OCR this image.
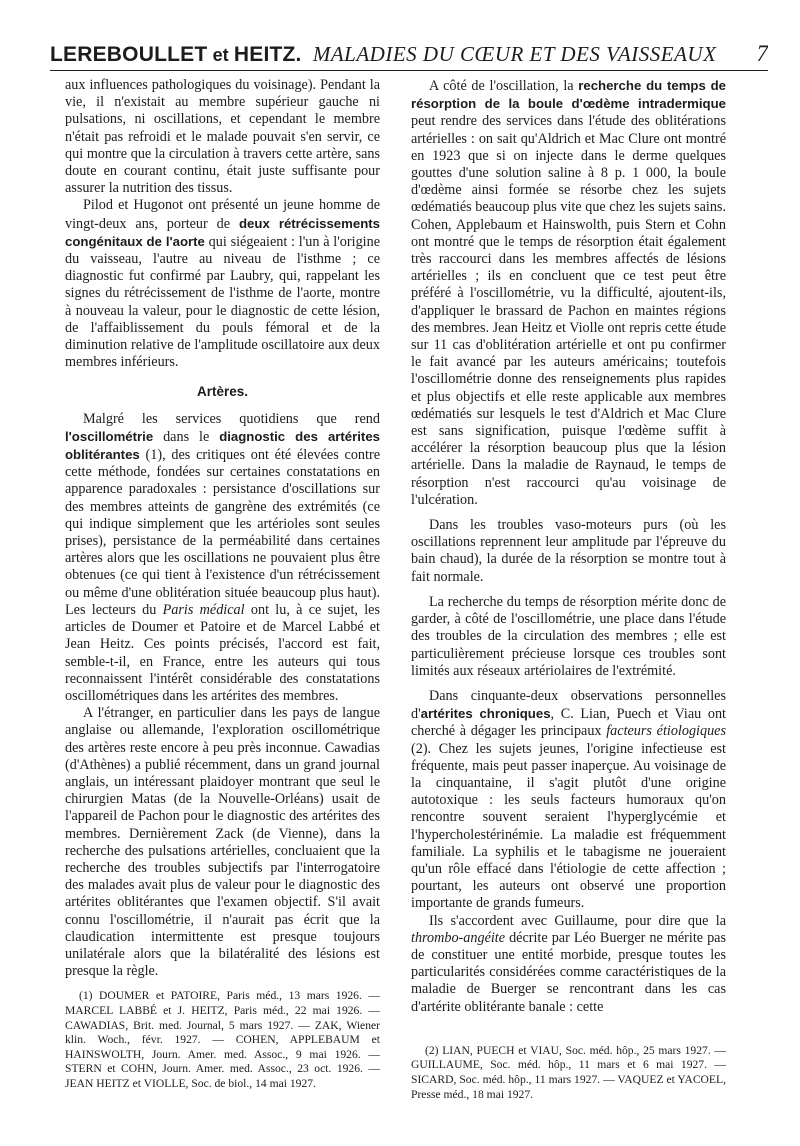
LEREBOULLET et HEITZ. MALADIES DU CŒUR ET DES VAISSEAUX 7

aux influences pathologiques du voisinage). Pendant la vie, il n'existait au membre supérieur gauche ni pulsations, ni oscillations, et cependant le membre n'était pas refroidi et le malade pouvait s'en servir, ce qui montre que la circulation à travers cette artère, sans doute en courant continu, était juste suffisante pour assurer la nutrition des tissus.

Pilod et Hugonot ont présenté un jeune homme de vingt-deux ans, porteur de deux rétrécissements congénitaux de l'aorte qui siégeaient : l'un à l'origine du vaisseau, l'autre au niveau de l'isthme ; ce diagnostic fut confirmé par Laubry, qui, rappelant les signes du rétrécissement de l'isthme de l'aorte, montre à nouveau la valeur, pour le diagnostic de cette lésion, de l'affaiblissement du pouls fémoral et de la diminution relative de l'amplitude oscillatoire aux deux membres inférieurs.

Artères.

Malgré les services quotidiens que rend l'oscillométrie dans le diagnostic des artérites oblitérantes (1), des critiques ont été élevées contre cette méthode, fondées sur certaines constatations en apparence paradoxales : persistance d'oscillations sur des membres atteints de gangrène des extrémités (ce qui indique simplement que les artérioles sont seules prises), persistance de la perméabilité dans certaines artères alors que les oscillations ne pouvaient plus être obtenues (ce qui tient à l'existence d'un rétrécissement ou même d'une oblitération située beaucoup plus haut). Les lecteurs du Paris médical ont lu, à ce sujet, les articles de Doumer et Patoire et de Marcel Labbé et Jean Heitz. Ces points précisés, l'accord est fait, semble-t-il, en France, entre les auteurs qui tous reconnaissent l'intérêt considérable des constatations oscillométriques dans les artérites des membres.

A l'étranger, en particulier dans les pays de langue anglaise ou allemande, l'exploration oscillométrique des artères reste encore à peu près inconnue. Cawadias (d'Athènes) a publié récemment, dans un grand journal anglais, un intéressant plaidoyer montrant que seul le chirurgien Matas (de la Nouvelle-Orléans) usait de l'appareil de Pachon pour le diagnostic des artérites des membres. Dernièrement Zack (de Vienne), dans la recherche des pulsations artérielles, concluaient que la recherche des troubles subjectifs par l'interrogatoire des malades avait plus de valeur pour le diagnostic des artérites oblitérantes que l'examen objectif. S'il avait connu l'oscillométrie, il n'aurait pas écrit que la claudication intermittente est presque toujours unilatérale alors que la bilatéralité des lésions est presque la règle.

(1) DOUMER et PATOIRE, Paris méd., 13 mars 1926. — MARCEL LABBÉ et J. HEITZ, Paris méd., 22 mai 1926. — CAWADIAS, Brit. med. Journal, 5 mars 1927. — ZAK, Wiener klin. Woch., févr. 1927. — COHEN, APPLEBAUM et HAINSWOLTH, Journ. Amer. med. Assoc., 9 mai 1926. — STERN et COHN, Journ. Amer. med. Assoc., 23 oct. 1926. — JEAN HEITZ et VIOLLE, Soc. de biol., 14 mai 1927.

A côté de l'oscillation, la recherche du temps de résorption de la boule d'œdème intradermique peut rendre des services dans l'étude des oblitérations artérielles : on sait qu'Aldrich et Mac Clure ont montré en 1923 que si on injecte dans le derme quelques gouttes d'une solution saline à 8 p. 1 000, la boule d'œdème ainsi formée se résorbe chez les sujets œdématiés beaucoup plus vite que chez les sujets sains. Cohen, Applebaum et Hainswolth, puis Stern et Cohn ont montré que le temps de résorption était également très raccourci dans les membres affectés de lésions artérielles ; ils en concluent que ce test peut être préféré à l'oscillométrie, vu la difficulté, ajoutent-ils, d'appliquer le brassard de Pachon en maintes régions des membres. Jean Heitz et Violle ont repris cette étude sur 11 cas d'oblitération artérielle et ont pu confirmer le fait avancé par les auteurs américains; toutefois l'oscillométrie donne des renseignements plus rapides et plus objectifs et elle reste applicable aux membres œdématiés sur lesquels le test d'Aldrich et Mac Clure est sans signification, puisque l'œdème suffit à accélérer la résorption beaucoup plus que la lésion artérielle. Dans la maladie de Raynaud, le temps de résorption n'est raccourci qu'au voisinage de l'ulcération.

Dans les troubles vaso-moteurs purs (où les oscillations reprennent leur amplitude par l'épreuve du bain chaud), la durée de la résorption se montre tout à fait normale.

La recherche du temps de résorption mérite donc de garder, à côté de l'oscillométrie, une place dans l'étude des troubles de la circulation des membres ; elle est particulièrement précieuse lorsque ces troubles sont limités aux réseaux artériolaires de l'extrémité.

Dans cinquante-deux observations personnelles d'artérites chroniques, C. Lian, Puech et Viau ont cherché à dégager les principaux facteurs étiologiques (2). Chez les sujets jeunes, l'origine infectieuse est fréquente, mais peut passer inaperçue. Au voisinage de la cinquantaine, il s'agit plutôt d'une origine autotoxique : les seuls facteurs humoraux qu'on rencontre souvent seraient l'hyperglycémie et l'hypercholestérinémie. La maladie est fréquemment familiale. La syphilis et le tabagisme ne joueraient qu'un rôle effacé dans l'étiologie de cette affection ; pourtant, les auteurs ont observé une proportion importante de grands fumeurs.

Ils s'accordent avec Guillaume, pour dire que la thrombo-angéite décrite par Léo Buerger ne mérite pas de constituer une entité morbide, presque toutes les particularités considérées comme caractéristiques de la maladie de Buerger se rencontrant dans les cas d'artérite oblitérante banale : cette

(2) LIAN, PUECH et VIAU, Soc. méd. hôp., 25 mars 1927. — GUILLAUME, Soc. méd. hôp., 11 mars et 6 mai 1927. — SICARD, Soc. méd. hôp., 11 mars 1927. — VAQUEZ et YACOEL, Presse méd., 18 mai 1927.
